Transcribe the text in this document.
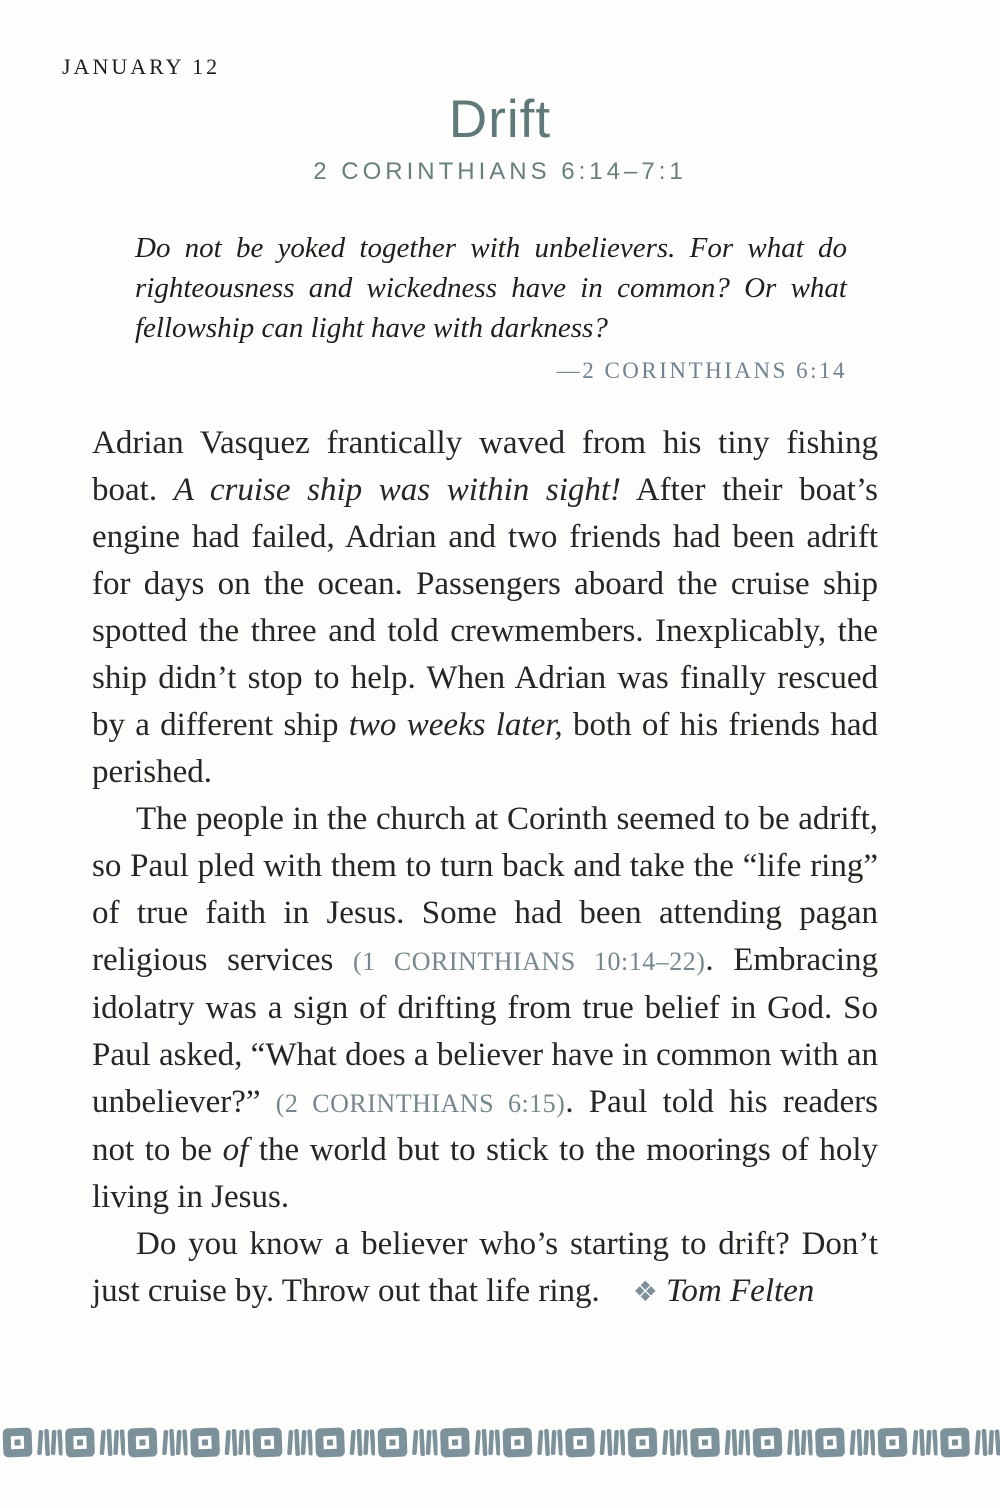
JANUARY 12
Drift
2 CORINTHIANS 6:14–7:1

Do not be yoked together with unbelievers. For what do righteousness and wickedness have in common? Or what fellowship can light have with darkness?

—2 CORINTHIANS 6:14

Adrian Vasquez frantically waved from his tiny fishing boat. A cruise ship was within sight! After their boat’s engine had failed, Adrian and two friends had been adrift for days on the ocean. Passengers aboard the cruise ship spotted the three and told crewmembers. Inexplicably, the ship didn’t stop to help. When Adrian was finally rescued by a different ship two weeks later, both of his friends had perished.

The people in the church at Corinth seemed to be adrift, so Paul pled with them to turn back and take the “life ring” of true faith in Jesus. Some had been attending pagan religious services (1 CORINTHIANS 10:14–22). Embracing idolatry was a sign of drifting from true belief in God. So Paul asked, “What does a believer have in common with an unbeliever?” (2 CORINTHIANS 6:15). Paul told his readers not to be of the world but to stick to the moorings of holy living in Jesus.

Do you know a believer who’s starting to drift? Don’t just cruise by. Throw out that life ring. ❖ Tom Felten
